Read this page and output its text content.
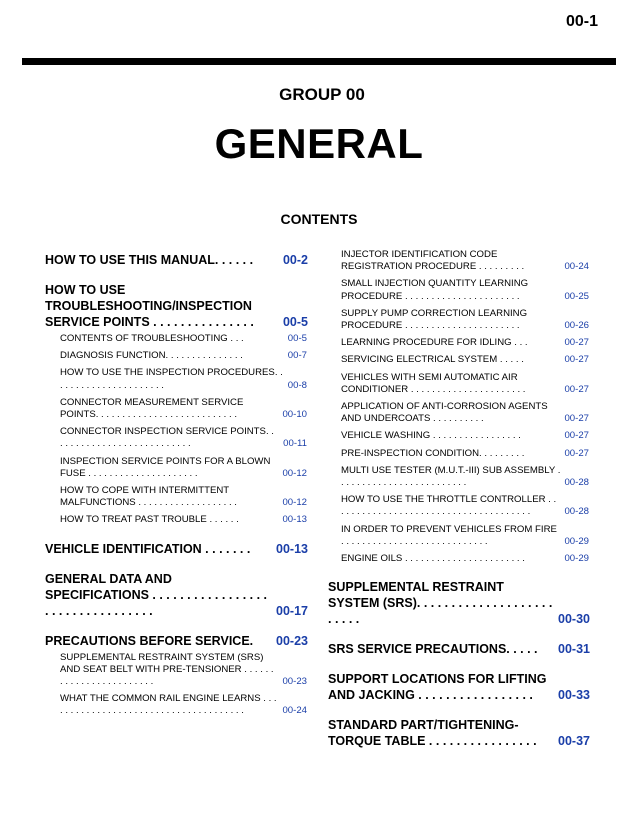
00-1
GROUP 00
GENERAL
CONTENTS
HOW TO USE THIS MANUAL. . . . . .	00-2
HOW TO USE TROUBLESHOOTING/INSPECTION SERVICE POINTS . . . . . . . . . . . . . . .	00-5
CONTENTS OF TROUBLESHOOTING . . .	00-5
DIAGNOSIS FUNCTION. . . . . . . . . . . . . . .	00-7
HOW TO USE THE INSPECTION PROCEDURES. . . . . . . . . . . . . . . . . . . . . .	00-8
CONNECTOR MEASUREMENT SERVICE POINTS. . . . . . . . . . . . . . . . . . . . . . . . . . .	00-10
CONNECTOR INSPECTION SERVICE POINTS. . . . . . . . . . . . . . . . . . . . . . . . . . .	00-11
INSPECTION SERVICE POINTS FOR A BLOWN FUSE . . . . . . . . . . . . . . . . . . . . .	00-12
HOW TO COPE WITH INTERMITTENT MALFUNCTIONS . . . . . . . . . . . . . . . . . . .	00-12
HOW TO TREAT PAST TROUBLE . . . . . .	00-13
VEHICLE IDENTIFICATION . . . . . . .	00-13
GENERAL DATA AND SPECIFICATIONS . . . . . . . . . . . . . . . . . . . . . . . . . . . . . . . . .	00-17
PRECAUTIONS BEFORE SERVICE.	00-23
SUPPLEMENTAL RESTRAINT SYSTEM (SRS) AND SEAT BELT WITH PRE-TENSIONER . . . . . . . . . . . . . . . . . . . . . . . .	00-23
WHAT THE COMMON RAIL ENGINE LEARNS . . . . . . . . . . . . . . . . . . . . . . . . . . . . . . . . . . . . . .	00-24
INJECTOR IDENTIFICATION CODE REGISTRATION PROCEDURE . . . . . . . . .	00-24
SMALL INJECTION QUANTITY LEARNING PROCEDURE . . . . . . . . . . . . . . . . . . . . . .	00-25
SUPPLY PUMP CORRECTION LEARNING PROCEDURE . . . . . . . . . . . . . . . . . . . . . .	00-26
LEARNING PROCEDURE FOR IDLING . . .	00-27
SERVICING ELECTRICAL SYSTEM . . . . .	00-27
VEHICLES WITH SEMI AUTOMATIC AIR CONDITIONER . . . . . . . . . . . . . . . . . . . . . .	00-27
APPLICATION OF ANTI-CORROSION AGENTS AND UNDERCOATS . . . . . . . . . .	00-27
VEHICLE WASHING . . . . . . . . . . . . . . . . .	00-27
PRE-INSPECTION CONDITION. . . . . . . . .	00-27
MULTI USE TESTER (M.U.T.-III) SUB ASSEMBLY . . . . . . . . . . . . . . . . . . . . . . . . .	00-28
HOW TO USE THE THROTTLE CONTROLLER . . . . . . . . . . . . . . . . . . . . . . . . . . . . . . . . . . . . . .	00-28
IN ORDER TO PREVENT VEHICLES FROM FIRE . . . . . . . . . . . . . . . . . . . . . . . . . . . .	00-29
ENGINE OILS . . . . . . . . . . . . . . . . . . . . . . .	00-29
SUPPLEMENTAL RESTRAINT SYSTEM (SRS). . . . . . . . . . . . . . . . . . . . . . . . .	00-30
SRS SERVICE PRECAUTIONS. . . . .	00-31
SUPPORT LOCATIONS FOR LIFTING AND JACKING . . . . . . . . . . . . . . . . .	00-33
STANDARD PART/TIGHTENING-TORQUE TABLE . . . . . . . . . . . . . . . .	00-37
